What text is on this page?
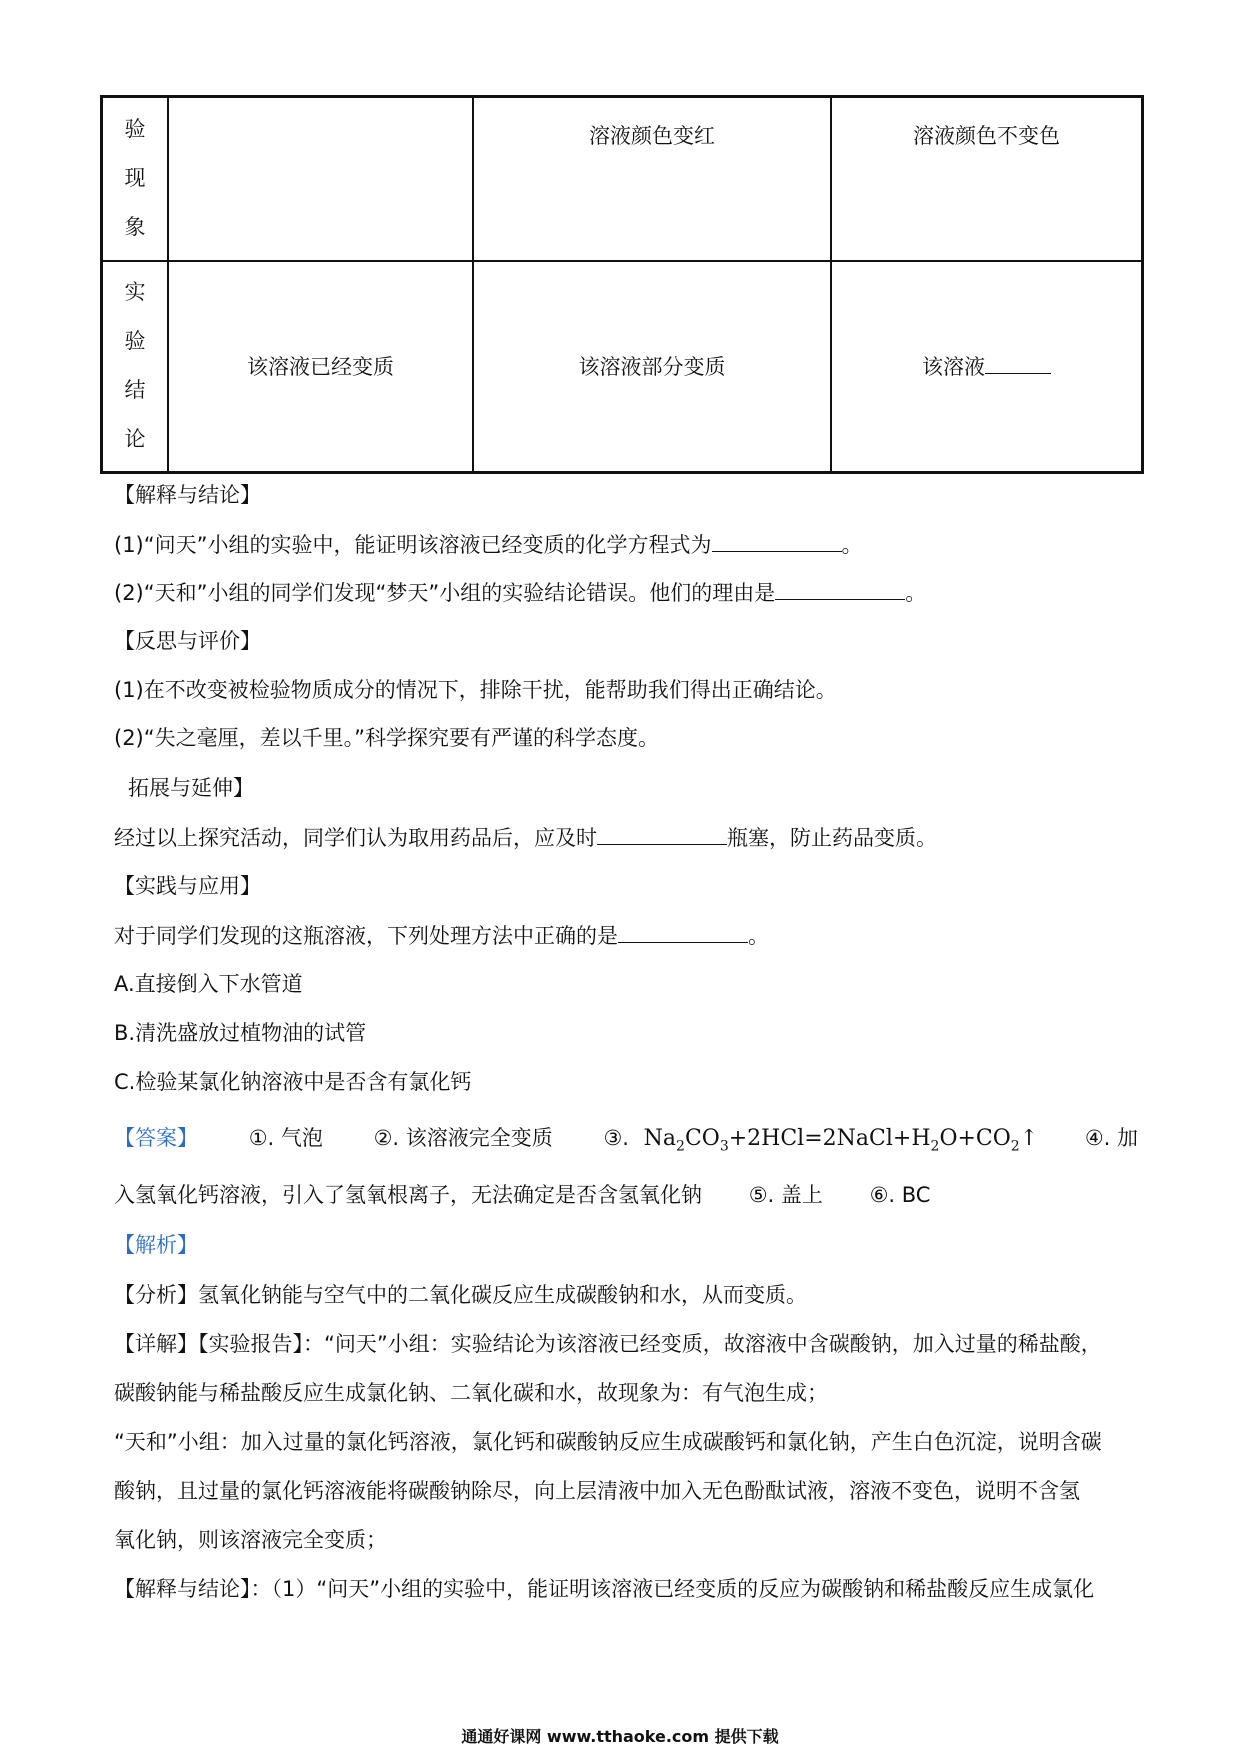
验
现
象		溶液颜色变红	溶液颜色不变色

实
验
结
论	该溶液已经变质	该溶液部分变质	该溶液
【解释与结论】
(1)“问天”小组的实验中，能证明该溶液已经变质的化学方程式为	。
(2)“天和”小组的同学们发现“梦天”小组的实验结论错误。他们的理由是	。
【反思与评价】
(1)在不改变被检验物质成分的情况下，排除干扰，能帮助我们得出正确结论。
(2)“失之毫厘，差以千里。”科学探究要有严谨的科学态度。
拓展与延伸】
经过以上探究活动，同学们认为取用药品后，应及时	瓶塞，防止药品变质。
【实践与应用】
对于同学们发现的这瓶溶液，下列处理方法中正确的是	。
A.直接倒入下水管道
B.清洗盛放过植物油的试管
C.检验某氯化钠溶液中是否含有氯化钙
【答案】 ①. 气泡 ②. 该溶液完全变质 ③. $Na_2CO_3+2HCl=2NaCl+H_2O+CO_2↑$ ④. 加
入氢氧化钙溶液，引入了氢氧根离子，无法确定是否含氢氧化钠 ⑤. 盖上 ⑥. BC
【解析】
【分析】氢氧化钠能与空气中的二氧化碳反应生成碳酸钠和水，从而变质。
【详解】【实验报告】：“问天”小组：实验结论为该溶液已经变质，故溶液中含碳酸钠，加入过量的稀盐酸，
碳酸钠能与稀盐酸反应生成氯化钠、二氧化碳和水，故现象为：有气泡生成；
“天和”小组：加入过量的氯化钙溶液，氯化钙和碳酸钠反应生成碳酸钙和氯化钠，产生白色沉淀，说明含碳
酸钠，且过量的氯化钙溶液能将碳酸钠除尽，向上层清液中加入无色酚酞试液，溶液不变色，说明不含氢
氧化钠，则该溶液完全变质；
【解释与结论】：（1）“问天”小组的实验中，能证明该溶液已经变质的反应为碳酸钠和稀盐酸反应生成氯化
通通好课网 www.tthaoke.com 提供下载
